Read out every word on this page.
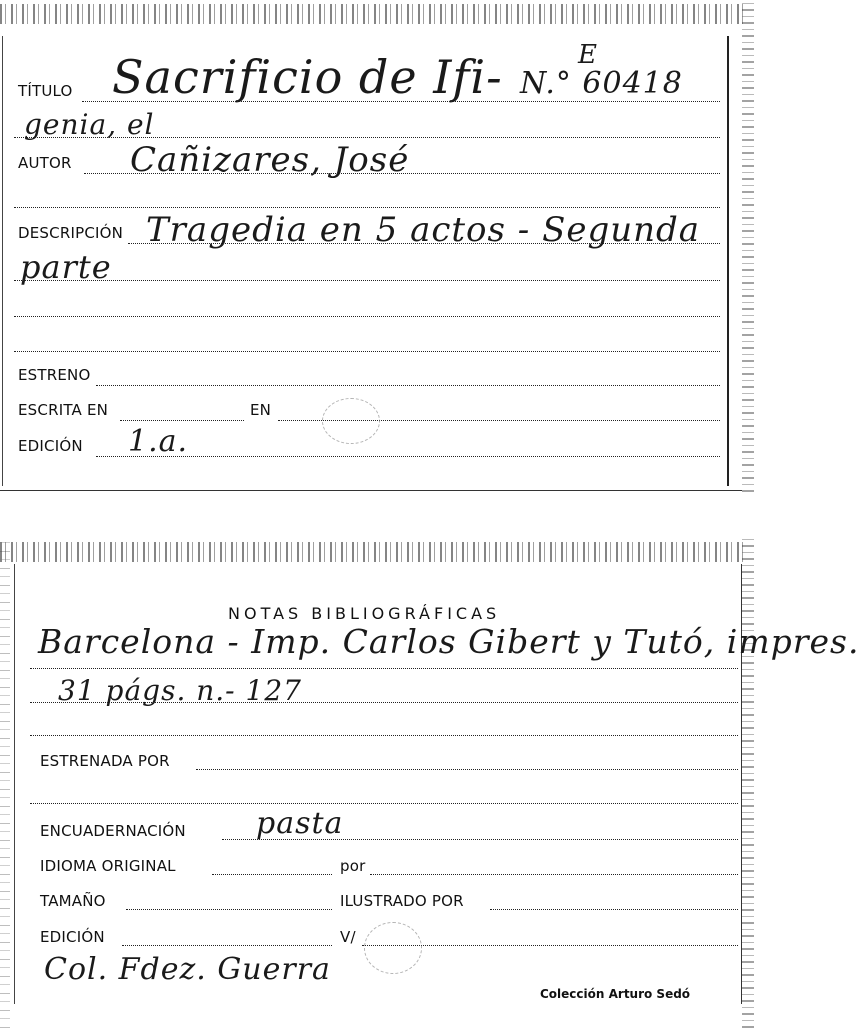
TÍTULO Sacrificio de Ifi- N.° 60418
E
genia, el
AUTOR Cañizares, José
DESCRIPCIÓN Tragedia en 5 actos - Segunda
parte
ESTRENO
ESCRITA EN	EN
EDICIÓN 1.a.
NOTAS BIBLIOGRÁFICAS
Barcelona - Imp. Carlos Gibert y Tutó, impres.
31 págs. n.- 127
ESTRENADA POR
ENCUADERNACIÓN pasta
IDIOMA ORIGINAL	por
TAMAÑO	ILUSTRADO POR
EDICIÓN	V/
Col. Fdez. Guerra
Colección Arturo Sedó
